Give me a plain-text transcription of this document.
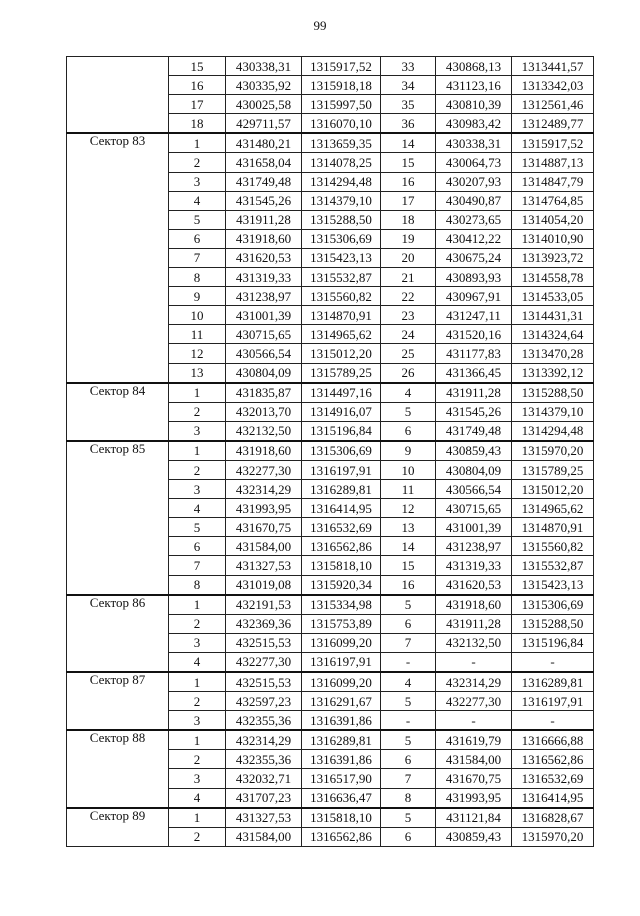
99
	15	430338,31	1315917,52	33	430868,13	1313441,57
	16	430335,92	1315918,18	34	431123,16	1313342,03
	17	430025,58	1315997,50	35	430810,39	1312561,46
	18	429711,57	1316070,10	36	430983,42	1312489,77
Сектор 83	1	431480,21	1313659,35	14	430338,31	1315917,52
	2	431658,04	1314078,25	15	430064,73	1314887,13
	3	431749,48	1314294,48	16	430207,93	1314847,79
	4	431545,26	1314379,10	17	430490,87	1314764,85
	5	431911,28	1315288,50	18	430273,65	1314054,20
	6	431918,60	1315306,69	19	430412,22	1314010,90
	7	431620,53	1315423,13	20	430675,24	1313923,72
	8	431319,33	1315532,87	21	430893,93	1314558,78
	9	431238,97	1315560,82	22	430967,91	1314533,05
	10	431001,39	1314870,91	23	431247,11	1314431,31
	11	430715,65	1314965,62	24	431520,16	1314324,64
	12	430566,54	1315012,20	25	431177,83	1313470,28
	13	430804,09	1315789,25	26	431366,45	1313392,12
Сектор 84	1	431835,87	1314497,16	4	431911,28	1315288,50
	2	432013,70	1314916,07	5	431545,26	1314379,10
	3	432132,50	1315196,84	6	431749,48	1314294,48
Сектор 85	1	431918,60	1315306,69	9	430859,43	1315970,20
	2	432277,30	1316197,91	10	430804,09	1315789,25
	3	432314,29	1316289,81	11	430566,54	1315012,20
	4	431993,95	1316414,95	12	430715,65	1314965,62
	5	431670,75	1316532,69	13	431001,39	1314870,91
	6	431584,00	1316562,86	14	431238,97	1315560,82
	7	431327,53	1315818,10	15	431319,33	1315532,87
	8	431019,08	1315920,34	16	431620,53	1315423,13
Сектор 86	1	432191,53	1315334,98	5	431918,60	1315306,69
	2	432369,36	1315753,89	6	431911,28	1315288,50
	3	432515,53	1316099,20	7	432132,50	1315196,84
	4	432277,30	1316197,91	-	-	-
Сектор 87	1	432515,53	1316099,20	4	432314,29	1316289,81
	2	432597,23	1316291,67	5	432277,30	1316197,91
	3	432355,36	1316391,86	-	-	-
Сектор 88	1	432314,29	1316289,81	5	431619,79	1316666,88
	2	432355,36	1316391,86	6	431584,00	1316562,86
	3	432032,71	1316517,90	7	431670,75	1316532,69
	4	431707,23	1316636,47	8	431993,95	1316414,95
Сектор 89	1	431327,53	1315818,10	5	431121,84	1316828,67
	2	431584,00	1316562,86	6	430859,43	1315970,20
